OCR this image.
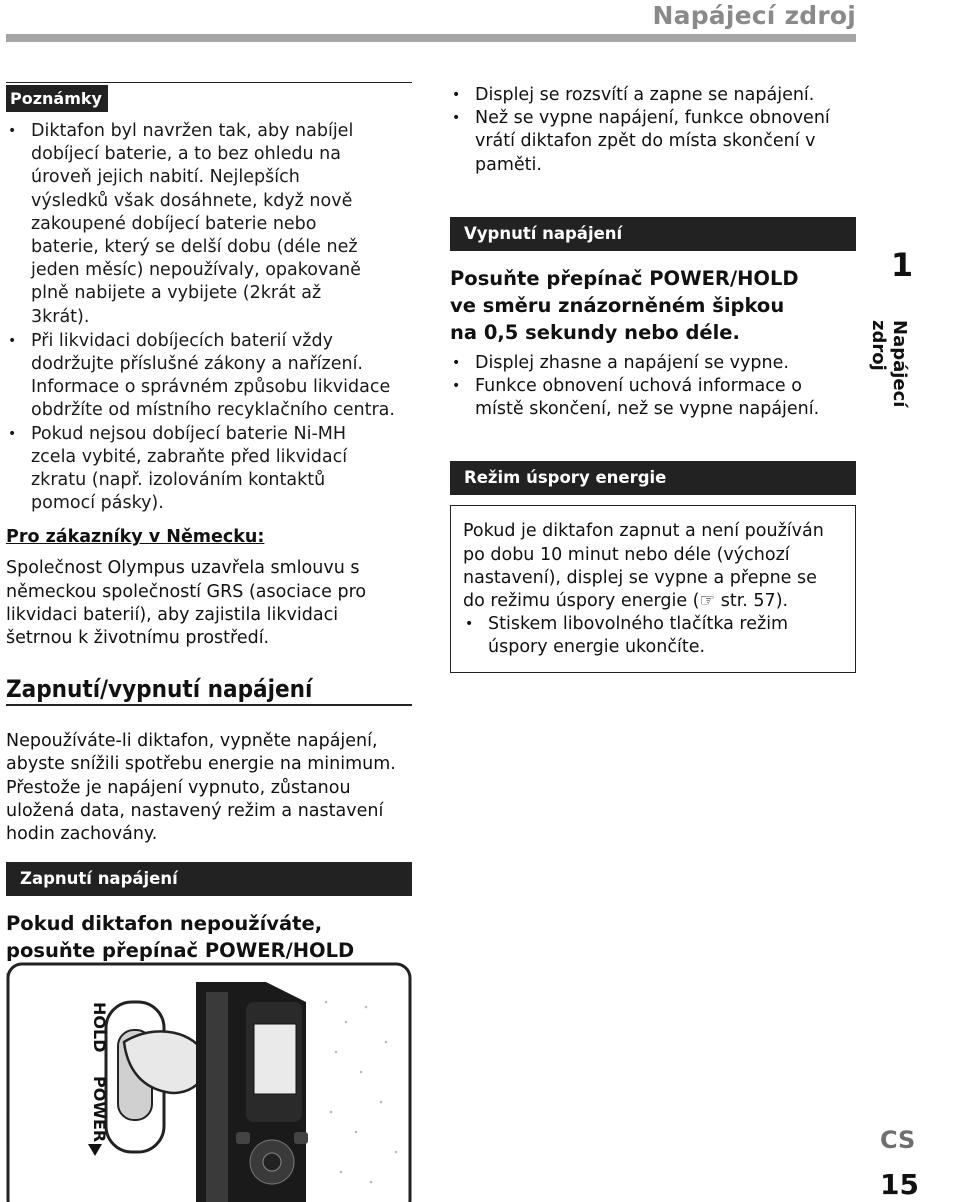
Napájecí zdroj
Poznámky
• Diktafon byl navržen tak, aby nabíjel dobíjecí baterie, a to bez ohledu na úroveň jejich nabití. Nejlepších výsledků však dosáhnete, když nově zakoupené dobíjecí baterie nebo baterie, který se delší dobu (déle než jeden měsíc) nepoužívaly, opakovaně plně nabijete a vybijete (2krát až 3krát).
• Při likvidaci dobíjecích baterií vždy dodržujte příslušné zákony a nařízení. Informace o správném způsobu likvidace obdržíte od místního recyklačního centra.
• Pokud nejsou dobíjecí baterie Ni-MH zcela vybité, zabraňte před likvidací zkratu (např. izolováním kontaktů pomocí pásky).
Pro zákazníky v Německu:
Společnost Olympus uzavřela smlouvu s německou společností GRS (asociace pro likvidaci baterií), aby zajistila likvidaci šetrnou k životnímu prostředí.
Zapnutí/vypnutí napájení
Nepoužíváte-li diktafon, vypněte napájení, abyste snížili spotřebu energie na minimum. Přestože je napájení vypnuto, zůstanou uložená data, nastavený režim a nastavení hodin zachovány.
Zapnutí napájení
Pokud diktafon nepoužíváte, posuňte přepínač POWER/HOLD
HOLD
POWER
• Displej se rozsvítí a zapne se napájení.
• Než se vypne napájení, funkce obnovení vrátí diktafon zpět do místa skončení v paměti.
Vypnutí napájení
Posuňte přepínač POWER/HOLD ve směru znázorněném šipkou na 0,5 sekundy nebo déle.
• Displej zhasne a napájení se vypne.
• Funkce obnovení uchová informace o místě skončení, než se vypne napájení.
Režim úspory energie
Pokud je diktafon zapnut a není používán po dobu 10 minut nebo déle (výchozí nastavení), displej se vypne a přepne se do režimu úspory energie (☞ str. 57).
• Stiskem libovolného tlačítka režim úspory energie ukončíte.
1
Napájecí zdroj
CS
15
